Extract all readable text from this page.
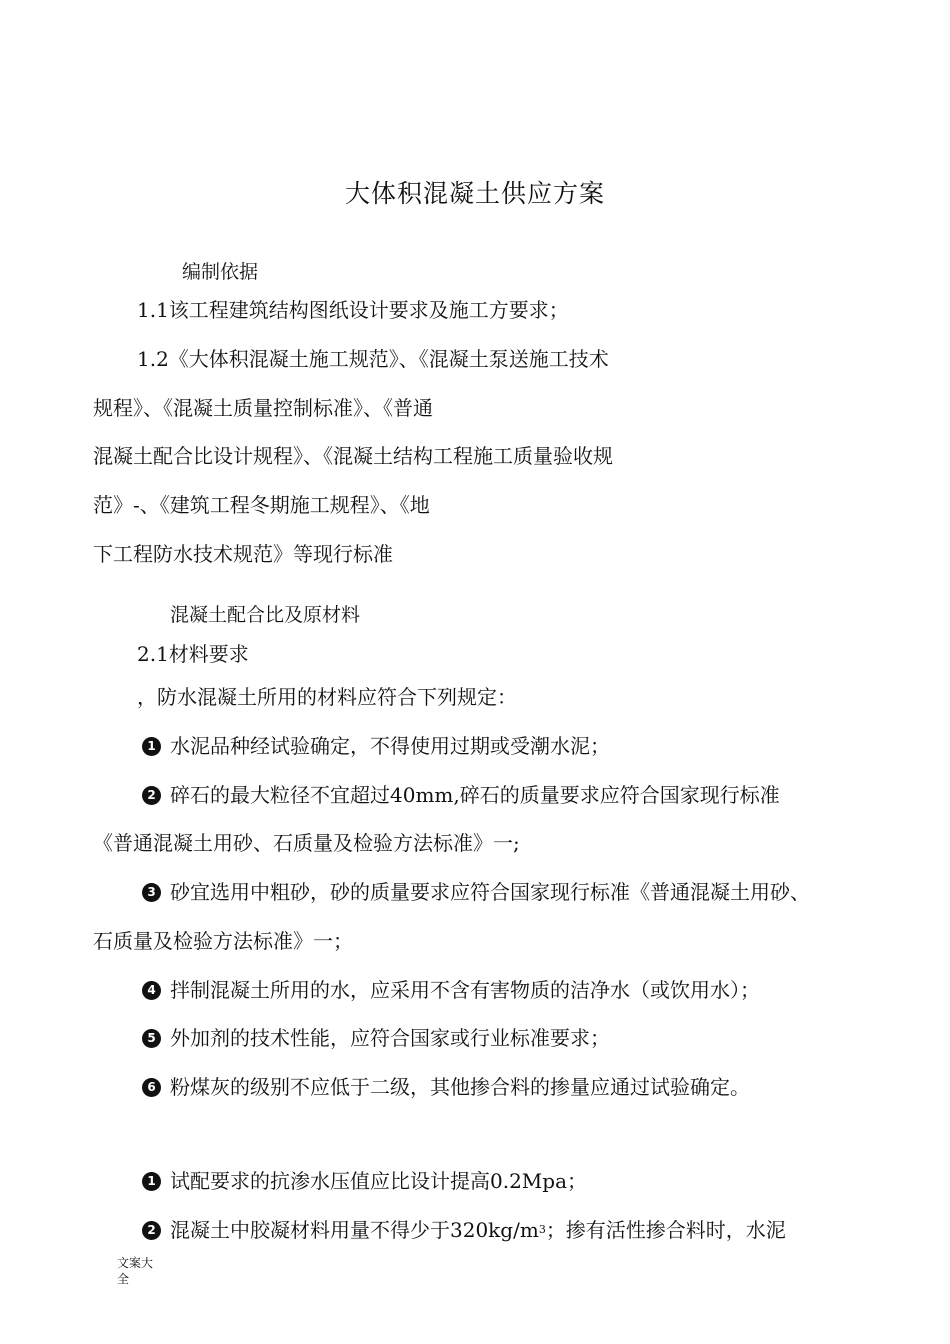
大体积混凝土供应方案
编制依据
1.1该工程建筑结构图纸设计要求及施工方要求；
1.2《大体积混凝土施工规范》、《混凝土泵送施工技术
规程》、《混凝土质量控制标准》、《普通
混凝土配合比设计规程》、《混凝土结构工程施工质量验收规
范》-、《建筑工程冬期施工规程》、《地
下工程防水技术规范》等现行标准
混凝土配合比及原材料
2.1材料要求
，防水混凝土所用的材料应符合下列规定：
1 水泥品种经试验确定，不得使用过期或受潮水泥；
2 碎石的最大粒径不宜超过40mm,碎石的质量要求应符合国家现行标准
《普通混凝土用砂、石质量及检验方法标准》一;
3 砂宜选用中粗砂，砂的质量要求应符合国家现行标准《普通混凝土用砂、
石质量及检验方法标准》一；
4 拌制混凝土所用的水，应采用不含有害物质的洁净水（或饮用水）；
5 外加剂的技术性能，应符合国家或行业标准要求；
6 粉煤灰的级别不应低于二级，其他掺合料的掺量应通过试验确定。
1 试配要求的抗渗水压值应比设计提高0.2Mpa；
2 混凝土中胶凝材料用量不得少于320kg/m 3 ；掺有活性掺合料时，水泥
文案大全
